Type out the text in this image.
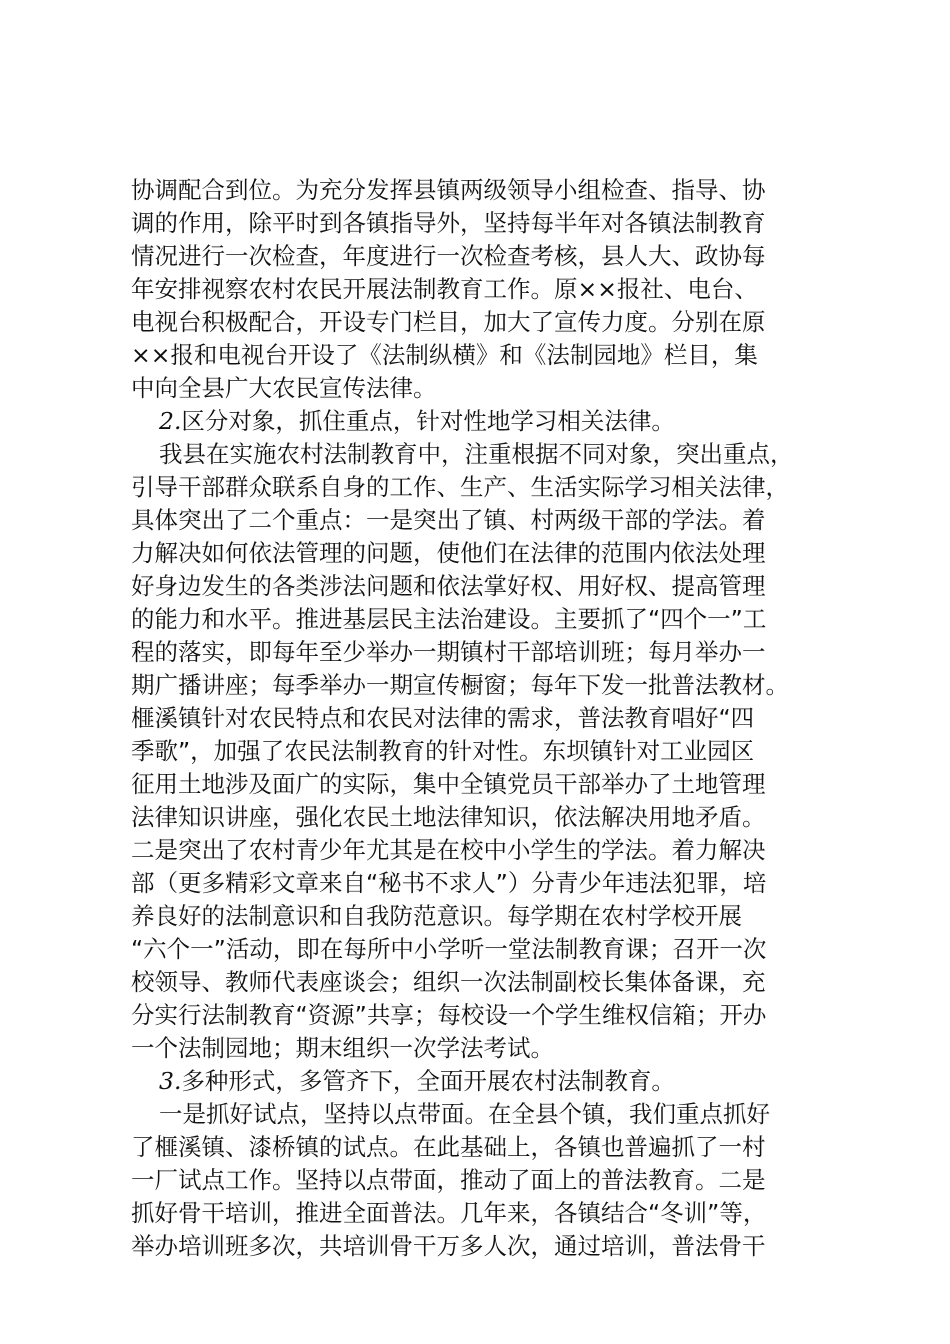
协调配合到位。为充分发挥县镇两级领导小组检查、指导、协
调的作用，除平时到各镇指导外，坚持每半年对各镇法制教育
情况进行一次检查，年度进行一次检查考核，县人大、政协每
年安排视察农村农民开展法制教育工作。原××报社、电台、
电视台积极配合，开设专门栏目，加大了宣传力度。分别在原
××报和电视台开设了《法制纵横》和《法制园地》栏目，集
中向全县广大农民宣传法律。
2.区分对象，抓住重点，针对性地学习相关法律。
我县在实施农村法制教育中，注重根据不同对象，突出重点，
引导干部群众联系自身的工作、生产、生活实际学习相关法律，
具体突出了二个重点：一是突出了镇、村两级干部的学法。着
力解决如何依法管理的问题，使他们在法律的范围内依法处理
好身边发生的各类涉法问题和依法掌好权、用好权、提高管理
的能力和水平。推进基层民主法治建设。主要抓了“四个一”工
程的落实，即每年至少举办一期镇村干部培训班；每月举办一
期广播讲座；每季举办一期宣传橱窗；每年下发一批普法教材。
榧溪镇针对农民特点和农民对法律的需求，普法教育唱好“四
季歌”，加强了农民法制教育的针对性。东坝镇针对工业园区
征用土地涉及面广的实际，集中全镇党员干部举办了土地管理
法律知识讲座，强化农民土地法律知识，依法解决用地矛盾。
二是突出了农村青少年尤其是在校中小学生的学法。着力解决
部（更多精彩文章来自“秘书不求人”）分青少年违法犯罪，培
养良好的法制意识和自我防范意识。每学期在农村学校开展
“六个一”活动，即在每所中小学听一堂法制教育课；召开一次
校领导、教师代表座谈会；组织一次法制副校长集体备课，充
分实行法制教育“资源”共享；每校设一个学生维权信箱；开办
一个法制园地；期末组织一次学法考试。
3.多种形式，多管齐下，全面开展农村法制教育。
一是抓好试点，坚持以点带面。在全县个镇，我们重点抓好
了榧溪镇、漆桥镇的试点。在此基础上，各镇也普遍抓了一村
一厂试点工作。坚持以点带面，推动了面上的普法教育。二是
抓好骨干培训，推进全面普法。几年来，各镇结合“冬训”等，
举办培训班多次，共培训骨干万多人次，通过培训，普法骨干
